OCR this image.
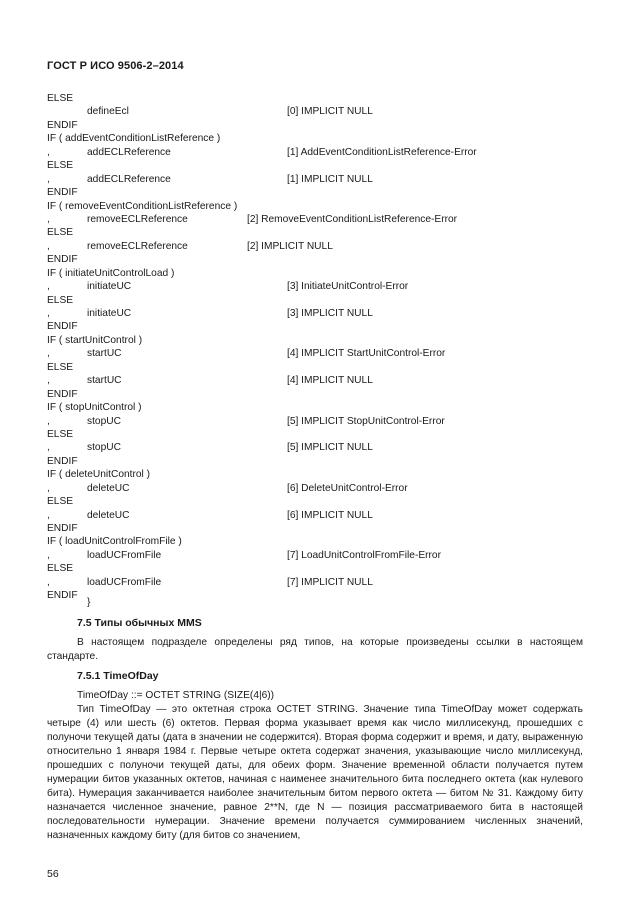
ГОСТ Р ИСО 9506-2–2014
ELSE
defineEcl	[0] IMPLICIT NULL
ENDIF
IF ( addEventConditionListReference )
,	addECLReference	[1] AddEventConditionListReference-Error
ELSE
,	addECLReference	[1] IMPLICIT NULL
ENDIF
IF ( removeEventConditionListReference )
,	removeECLReference	[2] RemoveEventConditionListReference-Error
ELSE
,	removeECLReference	[2] IMPLICIT NULL
ENDIF
IF ( initiateUnitControlLoad )
,	initiateUC	[3] InitiateUnitControl-Error
ELSE
,	initiateUC	[3] IMPLICIT NULL
ENDIF
IF ( startUnitControl )
,	startUC	[4] IMPLICIT StartUnitControl-Error
ELSE
,	startUC	[4] IMPLICIT NULL
ENDIF
IF ( stopUnitControl )
,	stopUC	[5] IMPLICIT StopUnitControl-Error
ELSE
,	stopUC	[5] IMPLICIT NULL
ENDIF
IF ( deleteUnitControl )
,	deleteUC	[6] DeleteUnitControl-Error
ELSE
,	deleteUC	[6] IMPLICIT NULL
ENDIF
IF ( loadUnitControlFromFile )
,	loadUCFromFile	[7] LoadUnitControlFromFile-Error
ELSE
,	loadUCFromFile	[7] IMPLICIT NULL
ENDIF
}
7.5 Типы обычных MMS

В настоящем подразделе определены ряд типов, на которые произведены ссылки в настоящем стандарте.

7.5.1 TimeOfDay
TimeOfDay ::= OCTET STRING (SIZE(4|6))

Тип TimeOfDay — это октетная строка OCTET STRING. Значение типа TimeOfDay может содержать четыре (4) или шесть (6) октетов. Первая форма указывает время как число миллисекунд, прошедших с полуночи текущей даты (дата в значении не содержится). Вторая форма содержит и время, и дату, выраженную относительно 1 января 1984 г. Первые четыре октета содержат значения, указывающие число миллисекунд, прошедших с полуночи текущей даты, для обеих форм. Значение временной области получается путем нумерации битов указанных октетов, начиная с наименее значительного бита последнего октета (как нулевого бита). Нумерация заканчивается наиболее значительным битом первого октета — битом № 31. Каждому биту назначается численное значение, равное 2**N, где N — позиция рассматриваемого бита в настоящей последовательности нумерации. Значение времени получается суммированием численных значений, назначенных каждому биту (для битов со значением,

56
